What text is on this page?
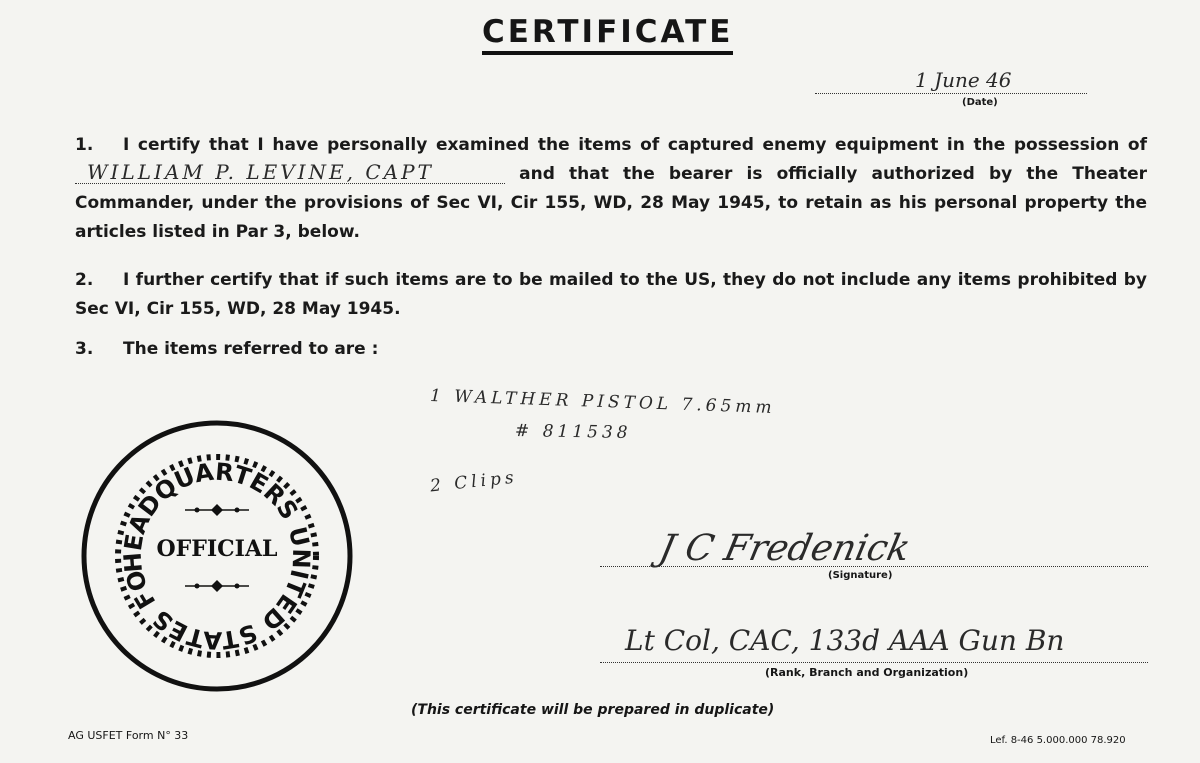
CERTIFICATE
1 June 46
(Date)
1. I certify that I have personally examined the items of captured enemy equipment in the possession of WILLIAM P. LEVINE, CAPT	and that the bearer is officially authorized by the Theater Commander, under the provisions of Sec VI, Cir 155, WD, 28 May 1945, to retain as his personal property the articles listed in Par 3, below.
2. I further certify that if such items are to be mailed to the US, they do not include any items prohibited by Sec VI, Cir 155, WD, 28 May 1945.
3. The items referred to are :
1 WALTHER PISTOL 7.65mm
# 811538
2 Clips
HEADQUARTERS UNITED STATES FORCES
OFFICIAL	J C Fredenick
(Signature)
Lt Col, CAC, 133d AAA Gun Bn
(Rank, Branch and Organization)
(This certificate will be prepared in duplicate)
AG USFET Form N° 33	Lef. 8-46 5.000.000 78.920
